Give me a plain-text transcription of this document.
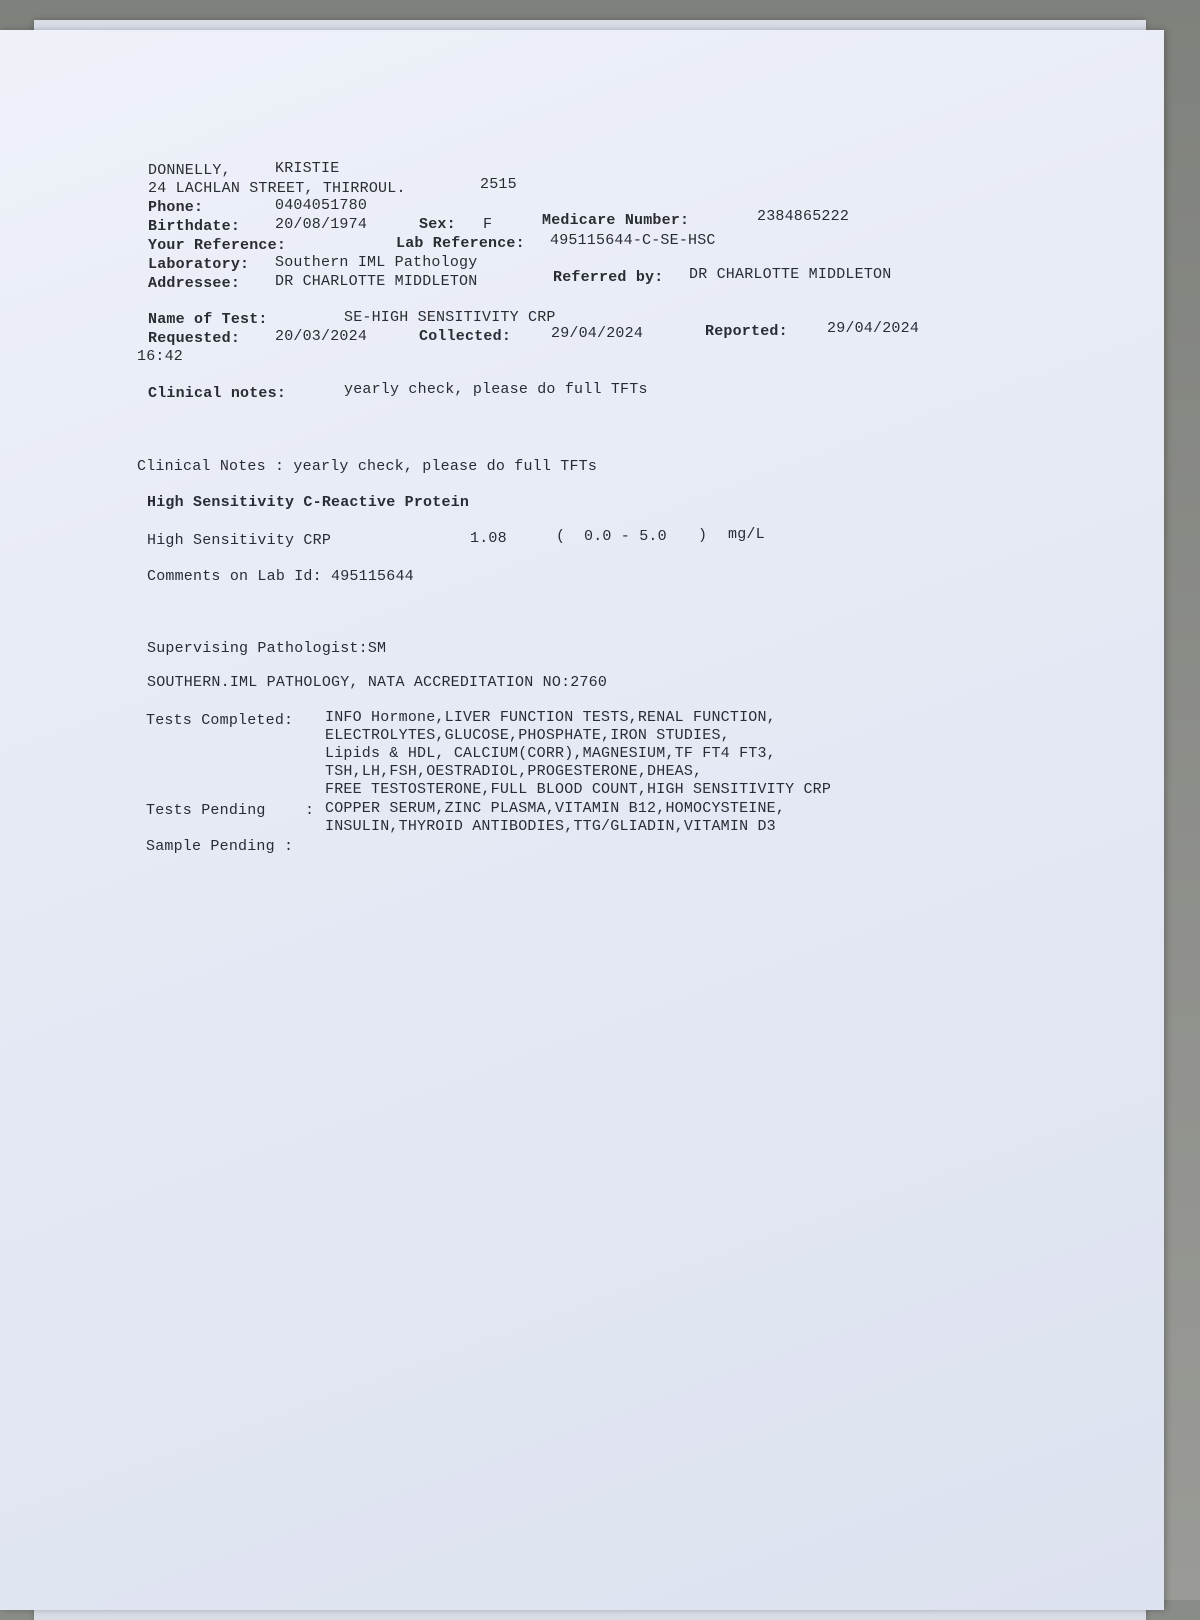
DONNELLY,	KRISTIE
24 LACHLAN STREET, THIRROUL.	2515
Phone:	0404051780
Birthdate: 20/08/1974	Sex: F	Medicare Number:	2384865222
Your Reference:	Lab Reference: 495115644-C-SE-HSC
Laboratory: Southern IML Pathology
Addressee: DR CHARLOTTE MIDDLETON	Referred by: DR CHARLOTTE MIDDLETON
Name of Test:	SE-HIGH SENSITIVITY CRP
Requested: 20/03/2024	Collected:	29/04/2024	Reported:	29/04/2024
16:42
Clinical notes:	yearly check, please do full TFTs
Clinical Notes : yearly check, please do full TFTs
High Sensitivity C-Reactive Protein
High Sensitivity CRP	1.08	( 0.0 - 5.0 ) mg/L
Comments on Lab Id: 495115644
Supervising Pathologist:SM
SOUTHERN.IML PATHOLOGY, NATA ACCREDITATION NO:2760
Tests Completed: INFO Hormone,LIVER FUNCTION TESTS,RENAL FUNCTION,
ELECTROLYTES,GLUCOSE,PHOSPHATE,IRON STUDIES,
Lipids & HDL, CALCIUM(CORR),MAGNESIUM,TF FT4 FT3,
TSH,LH,FSH,OESTRADIOL,PROGESTERONE,DHEAS,
FREE TESTOSTERONE,FULL BLOOD COUNT,HIGH SENSITIVITY CRP
Tests Pending	: COPPER SERUM,ZINC PLASMA,VITAMIN B12,HOMOCYSTEINE,
INSULIN,THYROID ANTIBODIES,TTG/GLIADIN,VITAMIN D3
Sample Pending :
